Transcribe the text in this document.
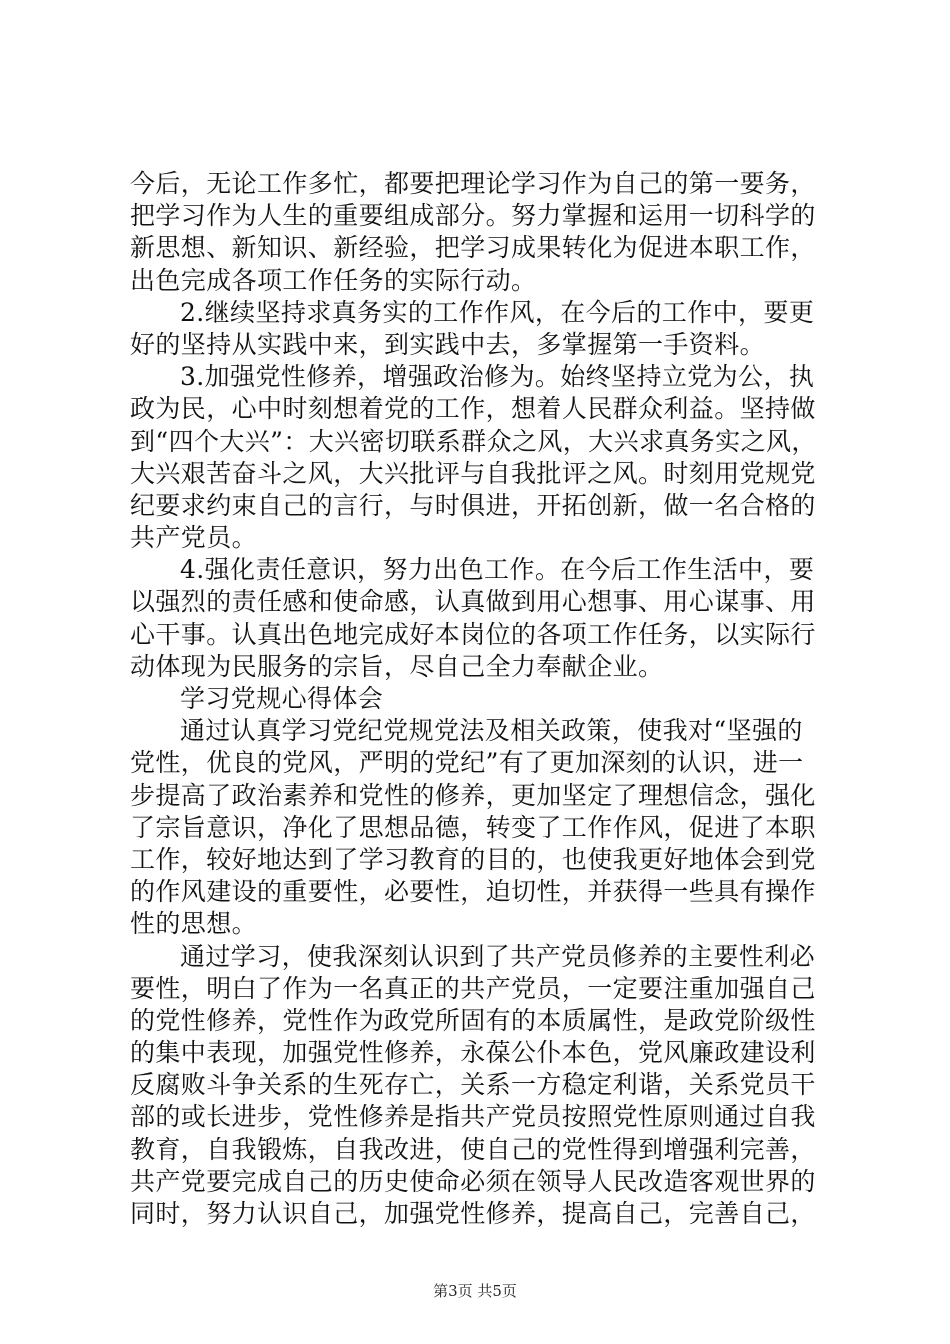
今后，无论工作多忙，都要把理论学习作为自己的第一要务，
把学习作为人生的重要组成部分。努力掌握和运用一切科学的
新思想、新知识、新经验，把学习成果转化为促进本职工作，
出色完成各项工作任务的实际行动。
2.继续坚持求真务实的工作作风，在今后的工作中，要更
好的坚持从实践中来，到实践中去，多掌握第一手资料。
3.加强党性修养，增强政治修为。始终坚持立党为公，执
政为民，心中时刻想着党的工作，想着人民群众利益。坚持做
到“四个大兴”：大兴密切联系群众之风，大兴求真务实之风，
大兴艰苦奋斗之风，大兴批评与自我批评之风。时刻用党规党
纪要求约束自己的言行，与时俱进，开拓创新，做一名合格的
共产党员。
4.强化责任意识，努力出色工作。在今后工作生活中，要
以强烈的责任感和使命感，认真做到用心想事、用心谋事、用
心干事。认真出色地完成好本岗位的各项工作任务，以实际行
动体现为民服务的宗旨，尽自己全力奉献企业。
学习党规心得体会
通过认真学习党纪党规党法及相关政策，使我对“坚强的
党性，优良的党风，严明的党纪”有了更加深刻的认识，进一
步提高了政治素养和党性的修养，更加坚定了理想信念，强化
了宗旨意识，净化了思想品德，转变了工作作风，促进了本职
工作，较好地达到了学习教育的目的，也使我更好地体会到党
的作风建设的重要性，必要性，迫切性，并获得一些具有操作
性的思想。
通过学习，使我深刻认识到了共产党员修养的主要性利必
要性，明白了作为一名真正的共产党员，一定要注重加强自己
的党性修养，党性作为政党所固有的本质属性，是政党阶级性
的集中表现，加强党性修养，永葆公仆本色，党风廉政建设利
反腐败斗争关系的生死存亡，关系一方稳定利谐，关系党员干
部的或长进步，党性修养是指共产党员按照党性原则通过自我
教育，自我锻炼，自我改进，使自己的党性得到增强利完善，
共产党要完成自己的历史使命必须在领导人民改造客观世界的
同时，努力认识自己，加强党性修养，提高自己，完善自己，
第3页 共5页
